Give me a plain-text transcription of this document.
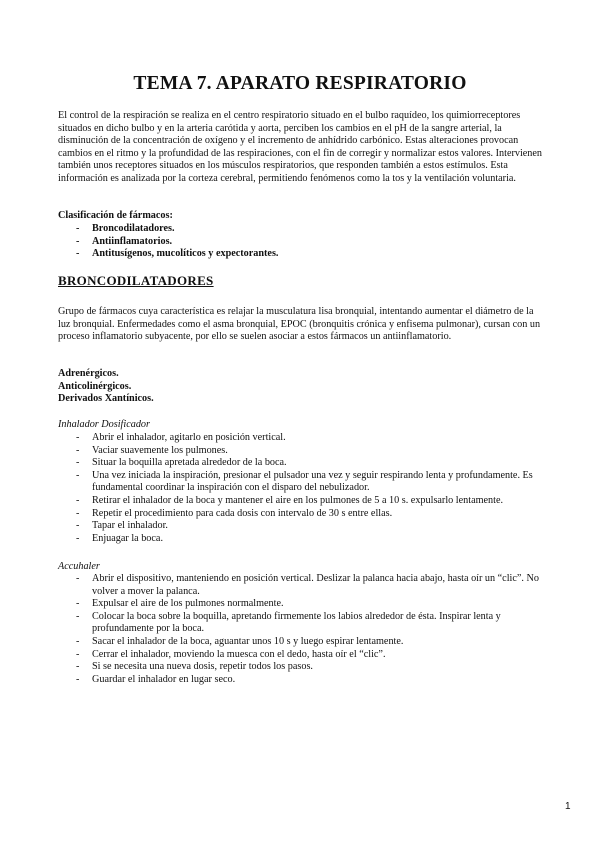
TEMA 7. APARATO RESPIRATORIO

El control de la respiración se realiza en el centro respiratorio situado en el bulbo raquídeo, los quimiorreceptores situados en dicho bulbo y en la arteria carótida y aorta, perciben los cambios en el pH de la sangre arterial, la disminución de la concentración de oxígeno y el incremento de anhídrido carbónico. Estas alteraciones provocan cambios en el ritmo y la profundidad de las respiraciones, con el fin de corregir y normalizar estos valores. Intervienen también unos receptores situados en los músculos respiratorios, que responden también a estos estímulos. Esta información es analizada por la corteza cerebral, permitiendo fenómenos como la tos y la ventilación voluntaria.

Clasificación de fármacos:
- Broncodilatadores.
- Antiinflamatorios.
- Antitusígenos, mucolíticos y expectorantes.
BRONCODILATADORES

Grupo de fármacos cuya característica es relajar la musculatura lisa bronquial, intentando aumentar el diámetro de la luz bronquial. Enfermedades como el asma bronquial, EPOC (bronquitis crónica y enfisema pulmonar), cursan con un proceso inflamatorio subyacente, por ello se suelen asociar a estos fármacos un antiinflamatorio.

Adrenérgicos.
Anticolinérgicos.
Derivados Xantínicos.
Inhalador Dosificador
- Abrir el inhalador, agitarlo en posición vertical.
- Vaciar suavemente los pulmones.
- Situar la boquilla apretada alrededor de la boca.
- Una vez iniciada la inspiración, presionar el pulsador una vez y seguir respirando lenta y profundamente. Es fundamental coordinar la inspiración con el disparo del nebulizador.
- Retirar el inhalador de la boca y mantener el aire en los pulmones de 5 a 10 s. expulsarlo lentamente.
- Repetir el procedimiento para cada dosis con intervalo de 30 s entre ellas.
- Tapar el inhalador.
- Enjuagar la boca.
Accuhaler
- Abrir el dispositivo, manteniendo en posición vertical. Deslizar la palanca hacia abajo, hasta oír un “clic”. No volver a mover la palanca.
- Expulsar el aire de los pulmones normalmente.
- Colocar la boca sobre la boquilla, apretando firmemente los labios alrededor de ésta. Inspirar lenta y profundamente por la boca.
- Sacar el inhalador de la boca, aguantar unos 10 s y luego espirar lentamente.
- Cerrar el inhalador, moviendo la muesca con el dedo, hasta oír el “clic”.
- Si se necesita una nueva dosis, repetir todos los pasos.
- Guardar el inhalador en lugar seco.
1
